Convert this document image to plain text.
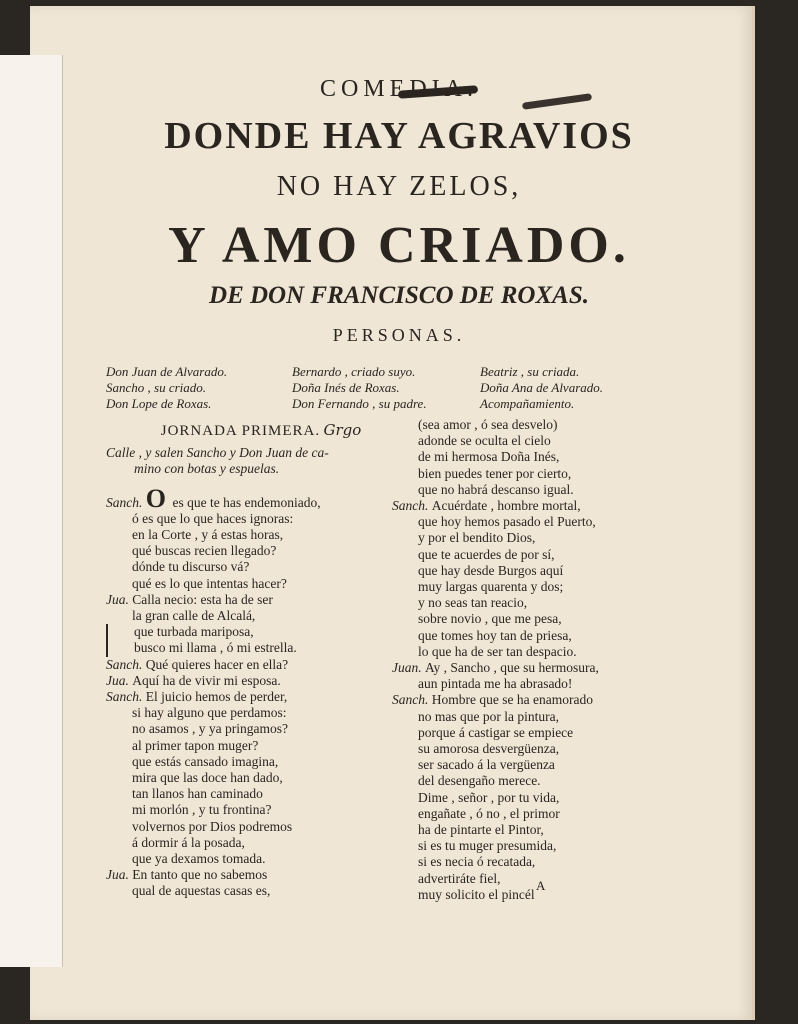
COMEDIA.
DONDE HAY AGRAVIOS
NO HAY ZELOS,
Y AMO CRIADO.
DE DON FRANCISCO DE ROXAS.
PERSONAS.
Don Juan de Alvarado.
Sancho , su criado.
Don Lope de Roxas.
Bernardo , criado suyo.
Doña Inés de Roxas.
Don Fernando , su padre.
Beatriz , su criada.
Doña Ana de Alvarado.
Acompañamiento.
JORNADA PRIMERA. Grgo
Calle , y salen Sancho y Don Juan de ca-
mino con botas y espuelas.
Sanch. O es que te has endemoniado,
ó es que lo que haces ignoras:
en la Corte , y á estas horas,
qué buscas recien llegado?
dónde tu discurso vá?
qué es lo que intentas hacer?
Jua. Calla necio: esta ha de ser
la gran calle de Alcalá,
que turbada mariposa,
busco mi llama , ó mi estrella.
Sanch. Qué quieres hacer en ella?
Jua. Aquí ha de vivir mi esposa.
Sanch. El juicio hemos de perder,
si hay alguno que perdamos:
no asamos , y ya pringamos?
al primer tapon muger?
que estás cansado imagina,
mira que las doce han dado,
tan llanos han caminado
mi morlón , y tu frontina?
volvernos por Dios podremos
á dormir á la posada,
que ya dexamos tomada.
Jua. En tanto que no sabemos
qual de aquestas casas es,
(sea amor , ó sea desvelo)
adonde se oculta el cielo
de mi hermosa Doña Inés,
bien puedes tener por cierto,
que no habrá descanso igual.
Sanch. Acuérdate , hombre mortal,
que hoy hemos pasado el Puerto,
y por el bendito Dios,
que te acuerdes de por sí,
que hay desde Burgos aquí
muy largas quarenta y dos;
y no seas tan reacio,
sobre novio , que me pesa,
que tomes hoy tan de priesa,
lo que ha de ser tan despacio.
Juan. Ay , Sancho , que su hermosura,
aun pintada me ha abrasado!
Sanch. Hombre que se ha enamorado
no mas que por la pintura,
porque á castigar se empiece
su amorosa desvergüenza,
ser sacado á la vergüenza
del desengaño merece.
Dime , señor , por tu vida,
engañate , ó no , el primor
ha de pintarte el Pintor,
si es tu muger presumida,
si es necia ó recatada,
advertiráte fiel,
muy solicito el pincél
A
